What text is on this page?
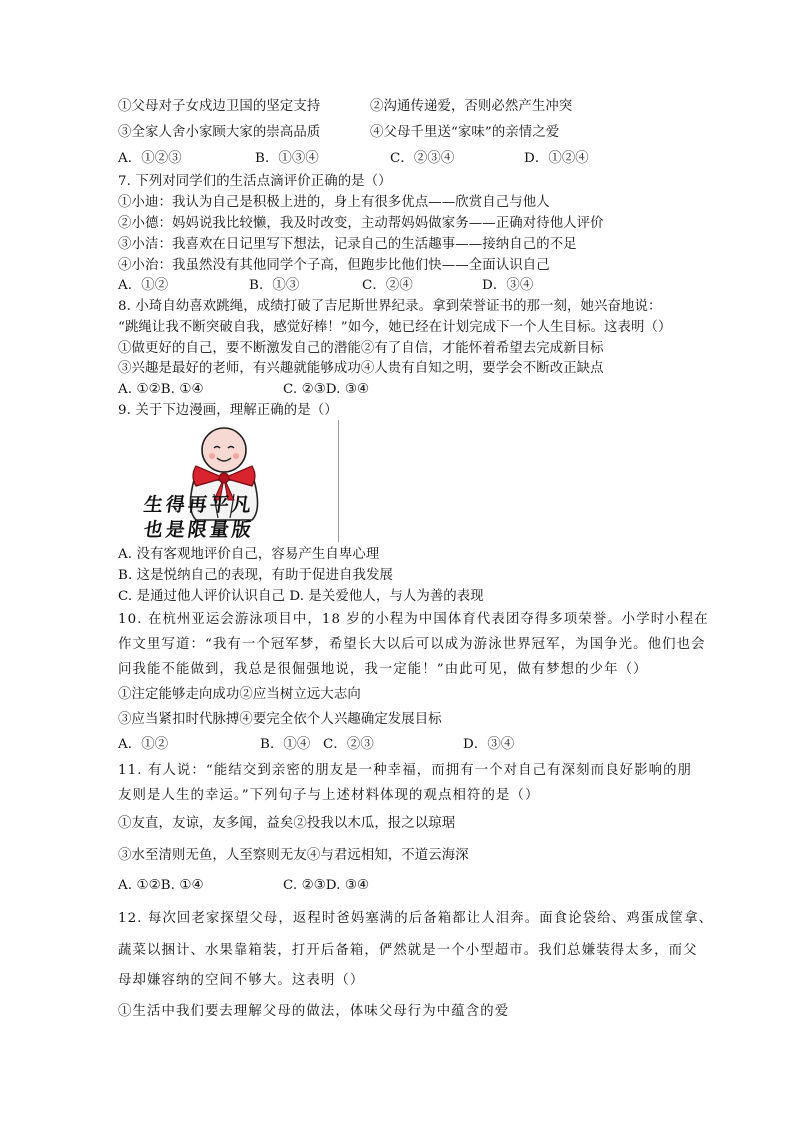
①父母对子女戍边卫国的坚定支持	②沟通传递爱，否则必然产生冲突
③全家人舍小家顾大家的崇高品质	④父母千里送“家味”的亲情之爱
A．①②③	B．①③④	C．②③④	D．①②④
7. 下列对同学们的生活点滴评价正确的是（）
①小迪：我认为自己是积极上进的，身上有很多优点——欣赏自己与他人
②小德：妈妈说我比较懒，我及时改变，主动帮妈妈做家务——正确对待他人评价
③小洁：我喜欢在日记里写下想法，记录自己的生活趣事——接纳自己的不足
④小治：我虽然没有其他同学个子高，但跑步比他们快——全面认识自己
A．①②	B．①③	C．②④	D．③④
8. 小琦自幼喜欢跳绳，成绩打破了吉尼斯世界纪录。拿到荣誉证书的那一刻，她兴奋地说：
“跳绳让我不断突破自我，感觉好棒！”如今，她已经在计划完成下一个人生目标。这表明（）
①做更好的自己，要不断激发自己的潜能②有了自信，才能怀着希望去完成新目标
③兴趣是最好的老师，有兴趣就能够成功④人贵有自知之明，要学会不断改正缺点
A. ①②B. ①④	C. ②③D. ③④
9. 关于下边漫画，理解正确的是（）
生得再平凡
也是限量版
A. 没有客观地评价自己，容易产生自卑心理
B. 这是悦纳自己的表现，有助于促进自我发展
C. 是通过他人评价认识自己 D. 是关爱他人，与人为善的表现
10. 在杭州亚运会游泳项目中，18 岁的小程为中国体育代表团夺得多项荣誉。小学时小程在
作文里写道：“我有一个冠军梦，希望长大以后可以成为游泳世界冠军，为国争光。他们也会
问我能不能做到，我总是很倔强地说，我一定能！”由此可见，做有梦想的少年（）
①注定能够走向成功②应当树立远大志向
③应当紧扣时代脉搏④要完全依个人兴趣确定发展目标
A．①②	B．①④ C．②③	D．③④
11. 有人说：“能结交到亲密的朋友是一种幸福，而拥有一个对自己有深刻而良好影响的朋
友则是人生的幸运。”下列句子与上述材料体现的观点相符的是（）
①友直，友谅，友多闻，益矣②投我以木瓜，报之以琼琚
③水至清则无鱼，人至察则无友④与君远相知，不道云海深
A. ①②B. ①④	C. ②③D. ③④
12. 每次回老家探望父母，返程时爸妈塞满的后备箱都让人泪奔。面食论袋给、鸡蛋成筐拿、
蔬菜以捆计、水果靠箱装，打开后备箱，俨然就是一个小型超市。我们总嫌装得太多，而父
母却嫌容纳的空间不够大。这表明（）
①生活中我们要去理解父母的做法，体味父母行为中蕴含的爱
